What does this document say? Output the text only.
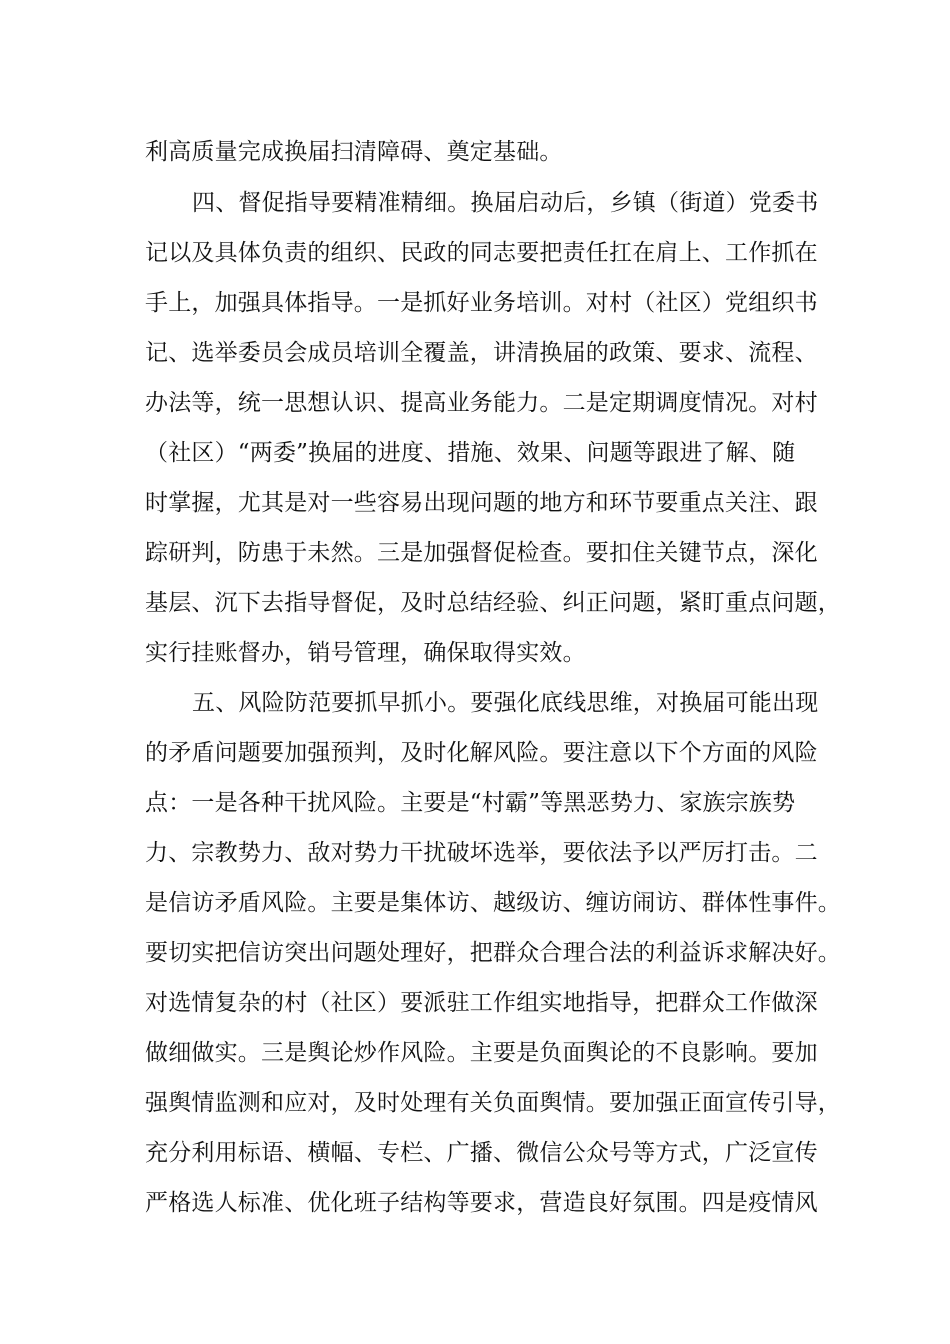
利高质量完成换届扫清障碍、奠定基础。
四、督促指导要精准精细。换届启动后，乡镇（街道）党委书
记以及具体负责的组织、民政的同志要把责任扛在肩上、工作抓在
手上，加强具体指导。一是抓好业务培训。对村（社区）党组织书
记、选举委员会成员培训全覆盖，讲清换届的政策、要求、流程、
办法等，统一思想认识、提高业务能力。二是定期调度情况。对村
（社区）“两委”换届的进度、措施、效果、问题等跟进了解、随
时掌握，尤其是对一些容易出现问题的地方和环节要重点关注、跟
踪研判，防患于未然。三是加强督促检查。要扣住关键节点，深化
基层、沉下去指导督促，及时总结经验、纠正问题，紧盯重点问题，
实行挂账督办，销号管理，确保取得实效。
五、风险防范要抓早抓小。要强化底线思维，对换届可能出现
的矛盾问题要加强预判，及时化解风险。要注意以下个方面的风险
点：一是各种干扰风险。主要是“村霸”等黑恶势力、家族宗族势
力、宗教势力、敌对势力干扰破坏选举，要依法予以严厉打击。二
是信访矛盾风险。主要是集体访、越级访、缠访闹访、群体性事件。
要切实把信访突出问题处理好，把群众合理合法的利益诉求解决好。
对选情复杂的村（社区）要派驻工作组实地指导，把群众工作做深
做细做实。三是舆论炒作风险。主要是负面舆论的不良影响。要加
强舆情监测和应对，及时处理有关负面舆情。要加强正面宣传引导，
充分利用标语、横幅、专栏、广播、微信公众号等方式，广泛宣传
严格选人标准、优化班子结构等要求，营造良好氛围。四是疫情风
